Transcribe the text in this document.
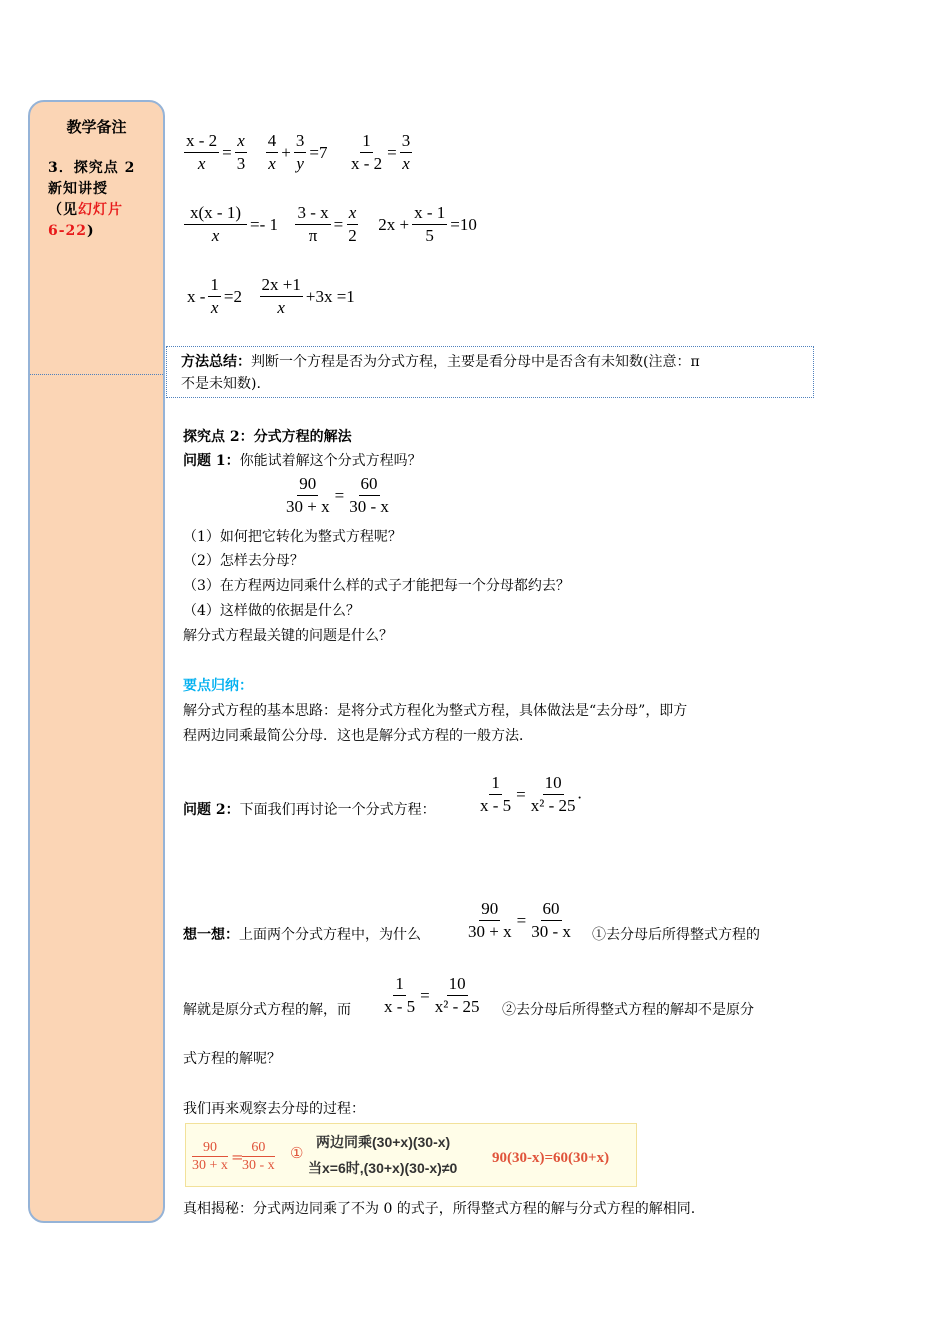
教学备注
3．探究点 2
新知讲授
（见幻灯片
6-22)
$\frac{x - 2}{x} = \frac{x}{3}$
$\frac{4}{x} + \frac{3}{y} =7 \frac{1}{x - 2} = \frac{3}{x}$
$\frac{x(x - 1)}{x} =- 1 \frac{3 - x}{\pi} = \frac{x}{2} 2x + \frac{x - 1}{5} =10$
$x - \frac{1}{x} =2 \frac{2x +1}{x} +3x =1$
方法总结：判断一个方程是否为分式方程，主要是看分母中是否含有未知数(注意：π
不是未知数).
探究点 2：分式方程的解法
问题 1：你能试着解这个分式方程吗？
$\frac{90}{30 + x} = \frac{60}{30 - x}$
（1）如何把它转化为整式方程呢？
（2）怎样去分母？
（3）在方程两边同乘什么样的式子才能把每一个分母都约去？
（4）这样做的依据是什么？
解分式方程最关键的问题是什么？
要点归纳：
解分式方程的基本思路：是将分式方程化为整式方程，具体做法是“去分母”，即方
程两边同乘最简公分母．这也是解分式方程的一般方法．
问题 2：下面我们再讨论一个分式方程： $\frac{1}{x - 5} = \frac{10}{\text{x² - 25}}$ .
想一想：上面两个分式方程中，为什么	$\frac{90}{30 + x} = \frac{60}{30 - x}$ ①去分母后所得整式方程的
解就是原分式方程的解，而 $\frac{1}{x - 5} = \frac{10}{\text{x² - 25}}$ ②去分母后所得整式方程的解却不是原分
式方程的解呢？
我们再来观察去分母的过程：
90
30 + x =
60
30 - x
①
两边同乘(30+x)(30-x)
当x=6时,(30+x)(30-x)≠0
90(30-x)=60(30+x)
真相揭秘：分式两边同乘了不为 0 的式子，所得整式方程的解与分式方程的解相同.
